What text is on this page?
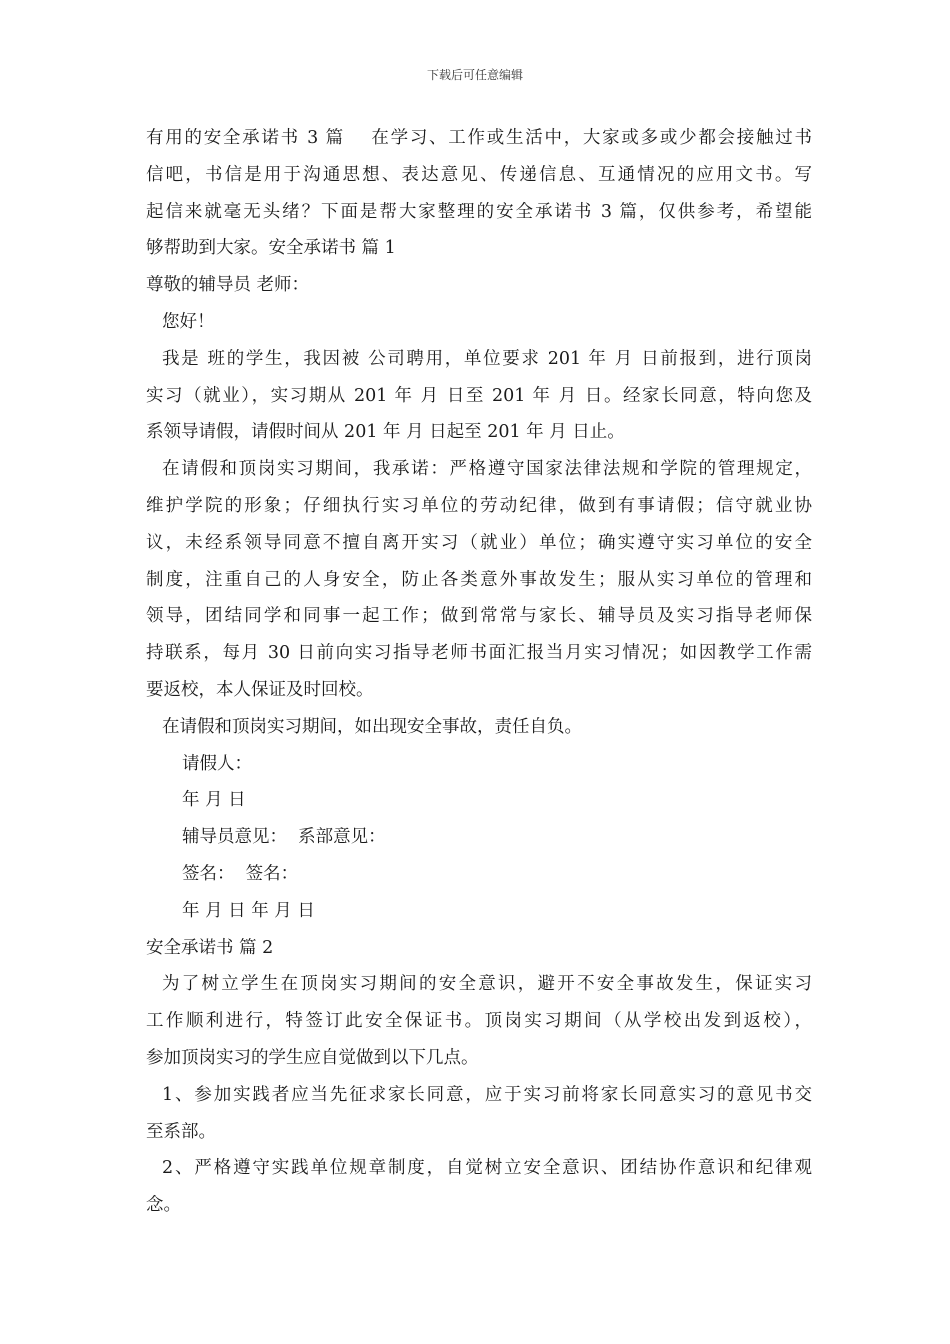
下载后可任意编辑
有用的安全承诺书 3 篇　 在学习、工作或生活中，大家或多或少都会接触过书
信吧，书信是用于沟通思想、表达意见、传递信息、互通情况的应用文书。写
起信来就毫无头绪？下面是帮大家整理的安全承诺书 3 篇，仅供参考，希望能
够帮助到大家。安全承诺书 篇 1
尊敬的辅导员 老师：
您好！
我是 班的学生，我因被 公司聘用，单位要求 201 年 月 日前报到，进行顶岗
实习（就业），实习期从 201 年 月 日至 201 年 月 日。经家长同意，特向您及
系领导请假，请假时间从 201 年 月 日起至 201 年 月 日止。
在请假和顶岗实习期间，我承诺：严格遵守国家法律法规和学院的管理规定，
维护学院的形象；仔细执行实习单位的劳动纪律，做到有事请假；信守就业协
议，未经系领导同意不擅自离开实习（就业）单位；确实遵守实习单位的安全
制度，注重自己的人身安全，防止各类意外事故发生；服从实习单位的管理和
领导，团结同学和同事一起工作；做到常常与家长、辅导员及实习指导老师保
持联系，每月 30 日前向实习指导老师书面汇报当月实习情况；如因教学工作需
要返校，本人保证及时回校。
在请假和顶岗实习期间，如出现安全事故，责任自负。
请假人：
年 月 日
辅导员意见：  系部意见：
签名：  签名：
年 月 日 年 月 日
安全承诺书 篇 2
为了树立学生在顶岗实习期间的安全意识，避开不安全事故发生，保证实习
工作顺利进行，特签订此安全保证书。顶岗实习期间（从学校出发到返校），
参加顶岗实习的学生应自觉做到以下几点。
1、参加实践者应当先征求家长同意，应于实习前将家长同意实习的意见书交
至系部。
2、严格遵守实践单位规章制度，自觉树立安全意识、团结协作意识和纪律观
念。
